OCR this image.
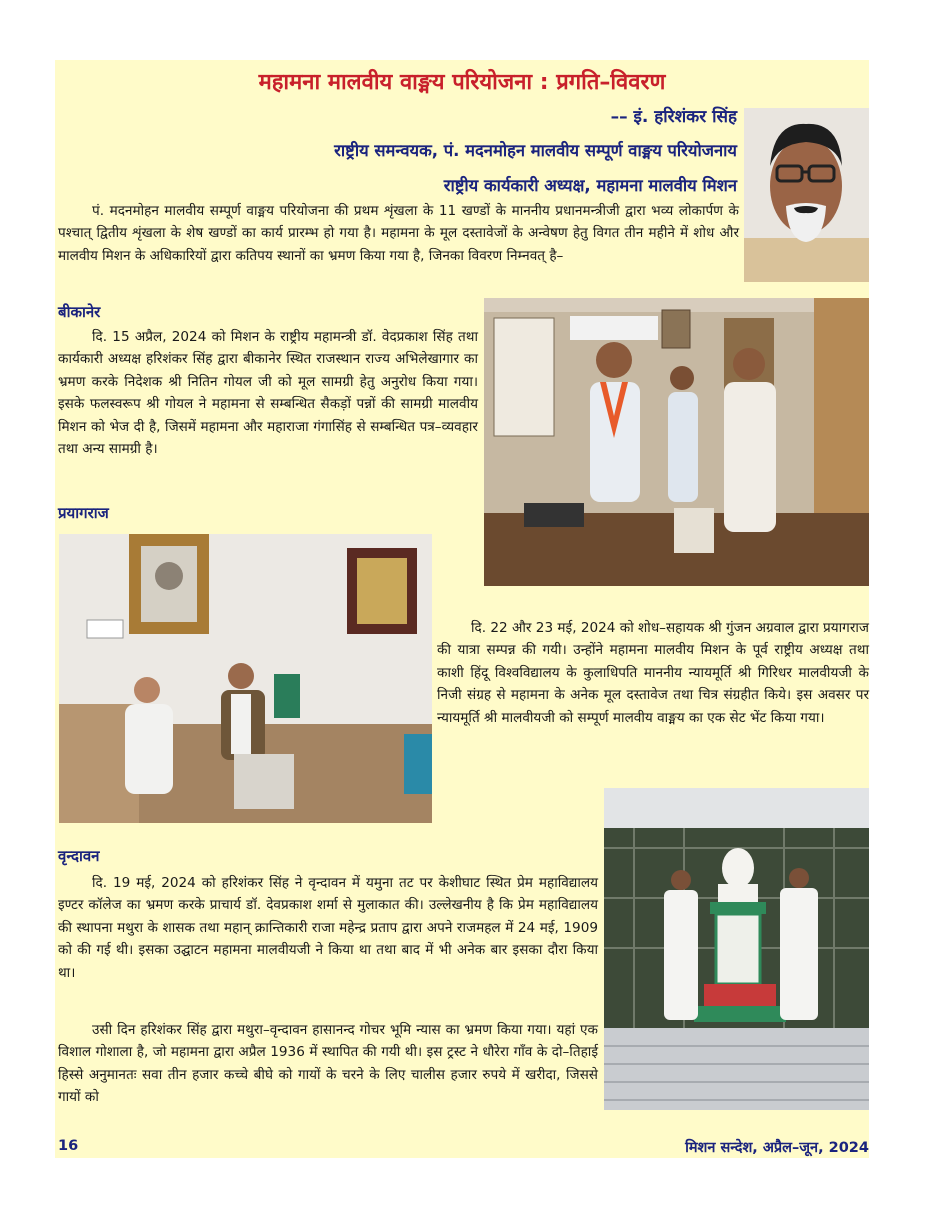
महामना मालवीय वाङ्मय परियोजना : प्रगति–विवरण
–– इं. हरिशंकर सिंह
राष्ट्रीय समन्वयक, पं. मदनमोहन मालवीय सम्पूर्ण वाङ्मय परियोजनाय
राष्ट्रीय कार्यकारी अध्यक्ष, महामना मालवीय मिशन

पं. मदनमोहन मालवीय सम्पूर्ण वाङ्मय परियोजना की प्रथम शृंखला के 11 खण्डों के माननीय प्रधानमन्त्रीजी द्वारा भव्य लोकार्पण के पश्चात् द्वितीय शृंखला के शेष खण्डों का कार्य प्रारम्भ हो गया है। महामना के मूल दस्तावेजों के अन्वेषण हेतु विगत तीन महीने में शोध और मालवीय मिशन के अधिकारियों द्वारा कतिपय स्थानों का भ्रमण किया गया है, जिनका विवरण निम्नवत् है–

बीकानेर

दि. 15 अप्रैल, 2024 को मिशन के राष्ट्रीय महामन्त्री डॉ. वेदप्रकाश सिंह तथा कार्यकारी अध्यक्ष हरिशंकर सिंह द्वारा बीकानेर स्थित राजस्थान राज्य अभिलेखागार का भ्रमण करके निदेशक श्री नितिन गोयल जी को मूल सामग्री हेतु अनुरोध किया गया। इसके फलस्वरूप श्री गोयल ने महामना से सम्बन्धित सैकड़ों पन्नों की सामग्री मालवीय मिशन को भेज दी है, जिसमें महामना और महाराजा गंगासिंह से सम्बन्धित पत्र–व्यवहार तथा अन्य सामग्री है।

प्रयागराज

दि. 22 और 23 मई, 2024 को शोध–सहायक श्री गुंजन अग्रवाल द्वारा प्रयागराज की यात्रा सम्पन्न की गयी। उन्होंने महामना मालवीय मिशन के पूर्व राष्ट्रीय अध्यक्ष तथा काशी हिंदू विश्वविद्यालय के कुलाधिपति माननीय न्यायमूर्ति श्री गिरिधर मालवीयजी के निजी संग्रह से महामना के अनेक मूल दस्तावेज तथा चित्र संग्रहीत किये। इस अवसर पर न्यायमूर्ति श्री मालवीयजी को सम्पूर्ण मालवीय वाङ्मय का एक सेट भेंट किया गया।

वृन्दावन

दि. 19 मई, 2024 को हरिशंकर सिंह ने वृन्दावन में यमुना तट पर केशीघाट स्थित प्रेम महाविद्यालय इण्टर कॉलेज का भ्रमण करके प्राचार्य डॉ. देवप्रकाश शर्मा से मुलाकात की। उल्लेखनीय है कि प्रेम महाविद्यालय की स्थापना मथुरा के शासक तथा महान् क्रान्तिकारी राजा महेन्द्र प्रताप द्वारा अपने राजमहल में 24 मई, 1909 को की गई थी। इसका उद्घाटन महामना मालवीयजी ने किया था तथा बाद में भी अनेक बार इसका दौरा किया था।

उसी दिन हरिशंकर सिंह द्वारा मथुरा–वृन्दावन हासानन्द गोचर भूमि न्यास का भ्रमण किया गया। यहां एक विशाल गोशाला है, जो महामना द्वारा अप्रैल 1936 में स्थापित की गयी थी। इस ट्रस्ट ने धौरेरा गाँव के दो–तिहाई हिस्से अनुमानतः सवा तीन हजार कच्चे बीघे को गायों के चरने के लिए चालीस हजार रुपये में खरीदा, जिससे गायों को

16	मिशन सन्देश, अप्रैल–जून, 2024
